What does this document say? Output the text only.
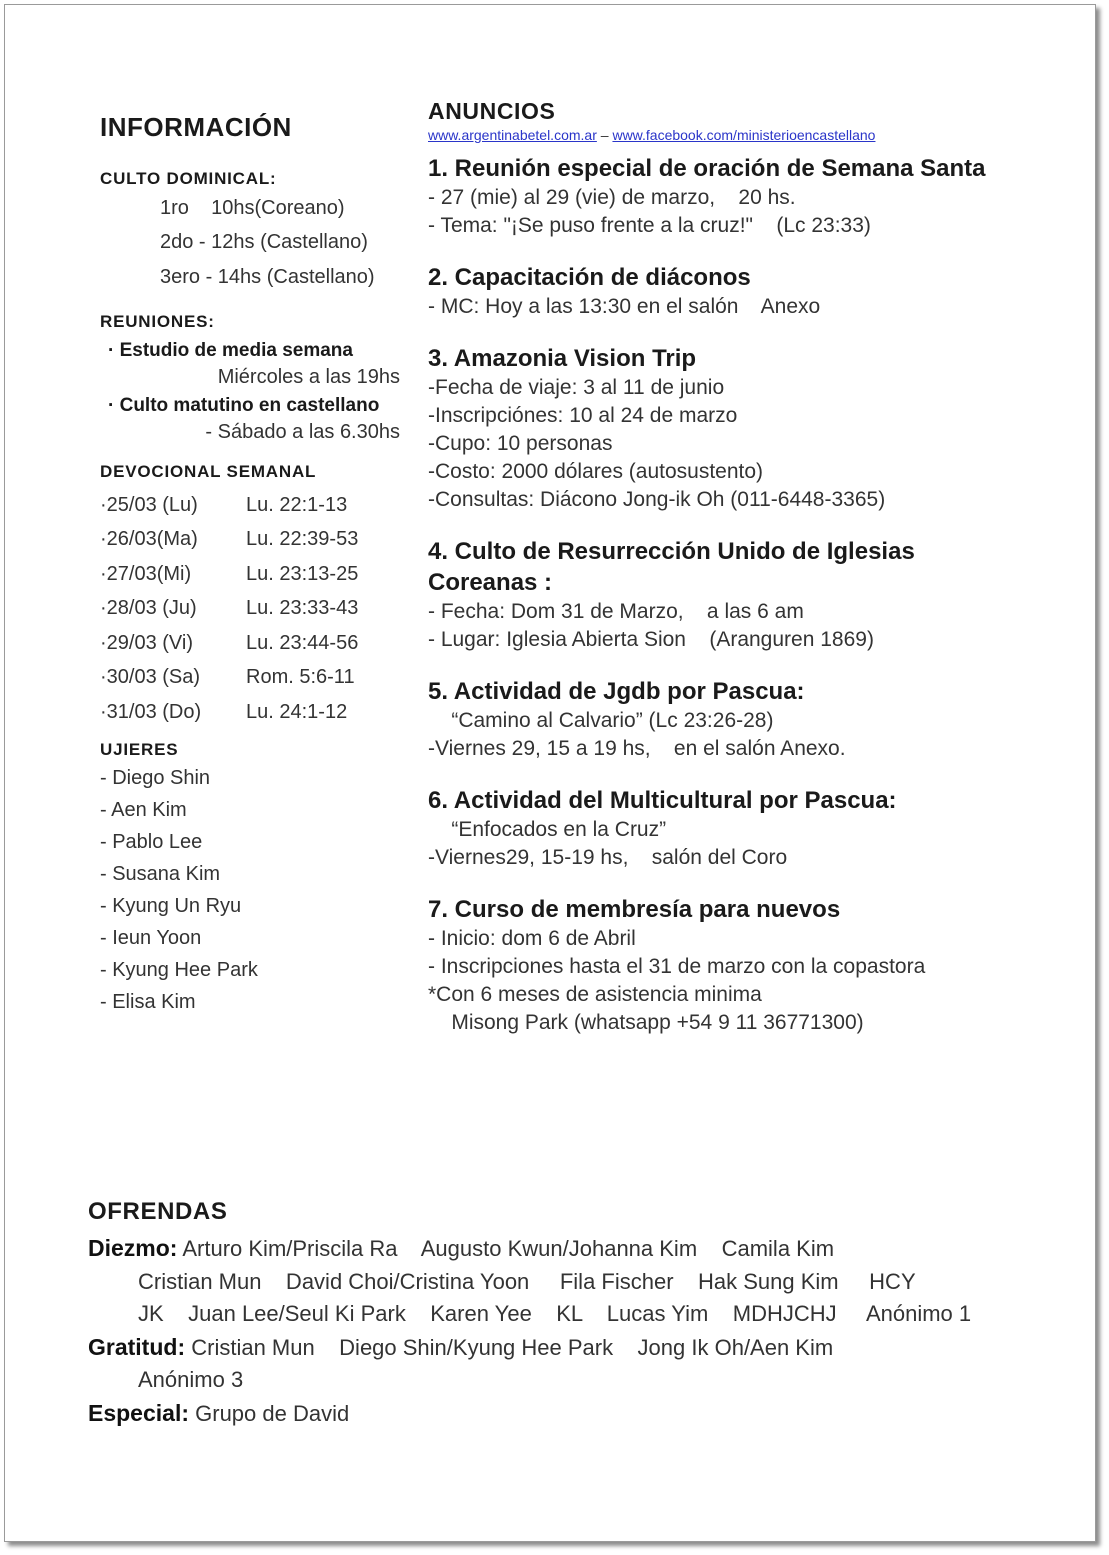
INFORMACIÓN
CULTO DOMINICAL:
1ro    10hs(Coreano)
2do - 12hs (Castellano)
3ero - 14hs (Castellano)
REUNIONES:
· Estudio de media semana
Miércoles a las 19hs
· Culto matutino en castellano
- Sábado a las 6.30hs
DEVOCIONAL SEMANAL
·25/03 (Lu)	Lu. 22:1-13
·26/03(Ma)	Lu. 22:39-53
·27/03(Mi)	Lu. 23:13-25
·28/03 (Ju)	Lu. 23:33-43
·29/03 (Vi)	Lu. 23:44-56
·30/03 (Sa)	Rom. 5:6-11
·31/03 (Do)	Lu. 24:1-12
UJIERES
- Diego Shin
- Aen Kim
- Pablo Lee
- Susana Kim
- Kyung Un Ryu
- Ieun Yoon
- Kyung Hee Park
- Elisa Kim
ANUNCIOS
www.argentinabetel.com.ar – www.facebook.com/ministerioencastellano
1. Reunión especial de oración de Semana Santa
- 27 (mie) al 29 (vie) de marzo,    20 hs.
- Tema: "¡Se puso frente a la cruz!"    (Lc 23:33)
2. Capacitación de diáconos
- MC: Hoy a las 13:30 en el salón    Anexo
3. Amazonia Vision Trip
-Fecha de viaje: 3 al 11 de junio
-Inscripciónes: 10 al 24 de marzo
-Cupo: 10 personas
-Costo: 2000 dólares (autosustento)
-Consultas: Diácono Jong-ik Oh (011-6448-3365)
4. Culto de Resurrección Unido de Iglesias Coreanas :
- Fecha: Dom 31 de Marzo,    a las 6 am
- Lugar: Iglesia Abierta Sion    (Aranguren 1869)
5. Actividad de Jgdb por Pascua:
“Camino al Calvario” (Lc 23:26-28)
-Viernes 29, 15 a 19 hs,    en el salón Anexo.
6. Actividad del Multicultural por Pascua:
“Enfocados en la Cruz”
-Viernes29, 15-19 hs,    salón del Coro
7. Curso de membresía para nuevos
- Inicio: dom 6 de Abril
- Inscripciones hasta el 31 de marzo con la copastora
*Con 6 meses de asistencia minima
Misong Park (whatsapp +54 9 11 36771300)
OFRENDAS
Diezmo: Arturo Kim/Priscila Ra    Augusto Kwun/Johanna Kim    Camila Kim
Cristian Mun    David Choi/Cristina Yoon     Fila Fischer    Hak Sung Kim     HCY
JK    Juan Lee/Seul Ki Park    Karen Yee    KL    Lucas Yim    MDHJCHJ     Anónimo 1
Gratitud: Cristian Mun    Diego Shin/Kyung Hee Park    Jong Ik Oh/Aen Kim
Anónimo 3
Especial: Grupo de David
